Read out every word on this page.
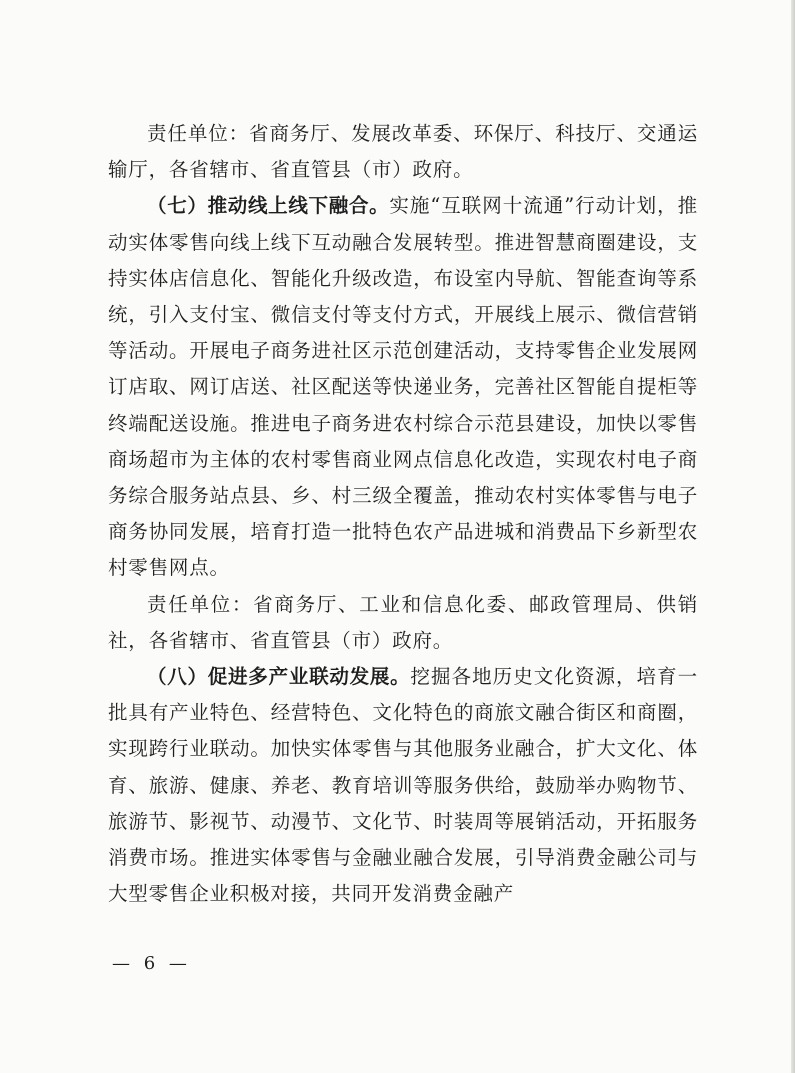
责任单位：省商务厅、发展改革委、环保厅、科技厅、交通运输厅，各省辖市、省直管县（市）政府。

（七）推动线上线下融合。实施“互联网十流通”行动计划，推动实体零售向线上线下互动融合发展转型。推进智慧商圈建设，支持实体店信息化、智能化升级改造，布设室内导航、智能查询等系统，引入支付宝、微信支付等支付方式，开展线上展示、微信营销等活动。开展电子商务进社区示范创建活动，支持零售企业发展网订店取、网订店送、社区配送等快递业务，完善社区智能自提柜等终端配送设施。推进电子商务进农村综合示范县建设，加快以零售商场超市为主体的农村零售商业网点信息化改造，实现农村电子商务综合服务站点县、乡、村三级全覆盖，推动农村实体零售与电子商务协同发展，培育打造一批特色农产品进城和消费品下乡新型农村零售网点。

责任单位：省商务厅、工业和信息化委、邮政管理局、供销社，各省辖市、省直管县（市）政府。

（八）促进多产业联动发展。挖掘各地历史文化资源，培育一批具有产业特色、经营特色、文化特色的商旅文融合街区和商圈，实现跨行业联动。加快实体零售与其他服务业融合，扩大文化、体育、旅游、健康、养老、教育培训等服务供给，鼓励举办购物节、旅游节、影视节、动漫节、文化节、时装周等展销活动，开拓服务消费市场。推进实体零售与金融业融合发展，引导消费金融公司与大型零售企业积极对接，共同开发消费金融产

— 6 —
